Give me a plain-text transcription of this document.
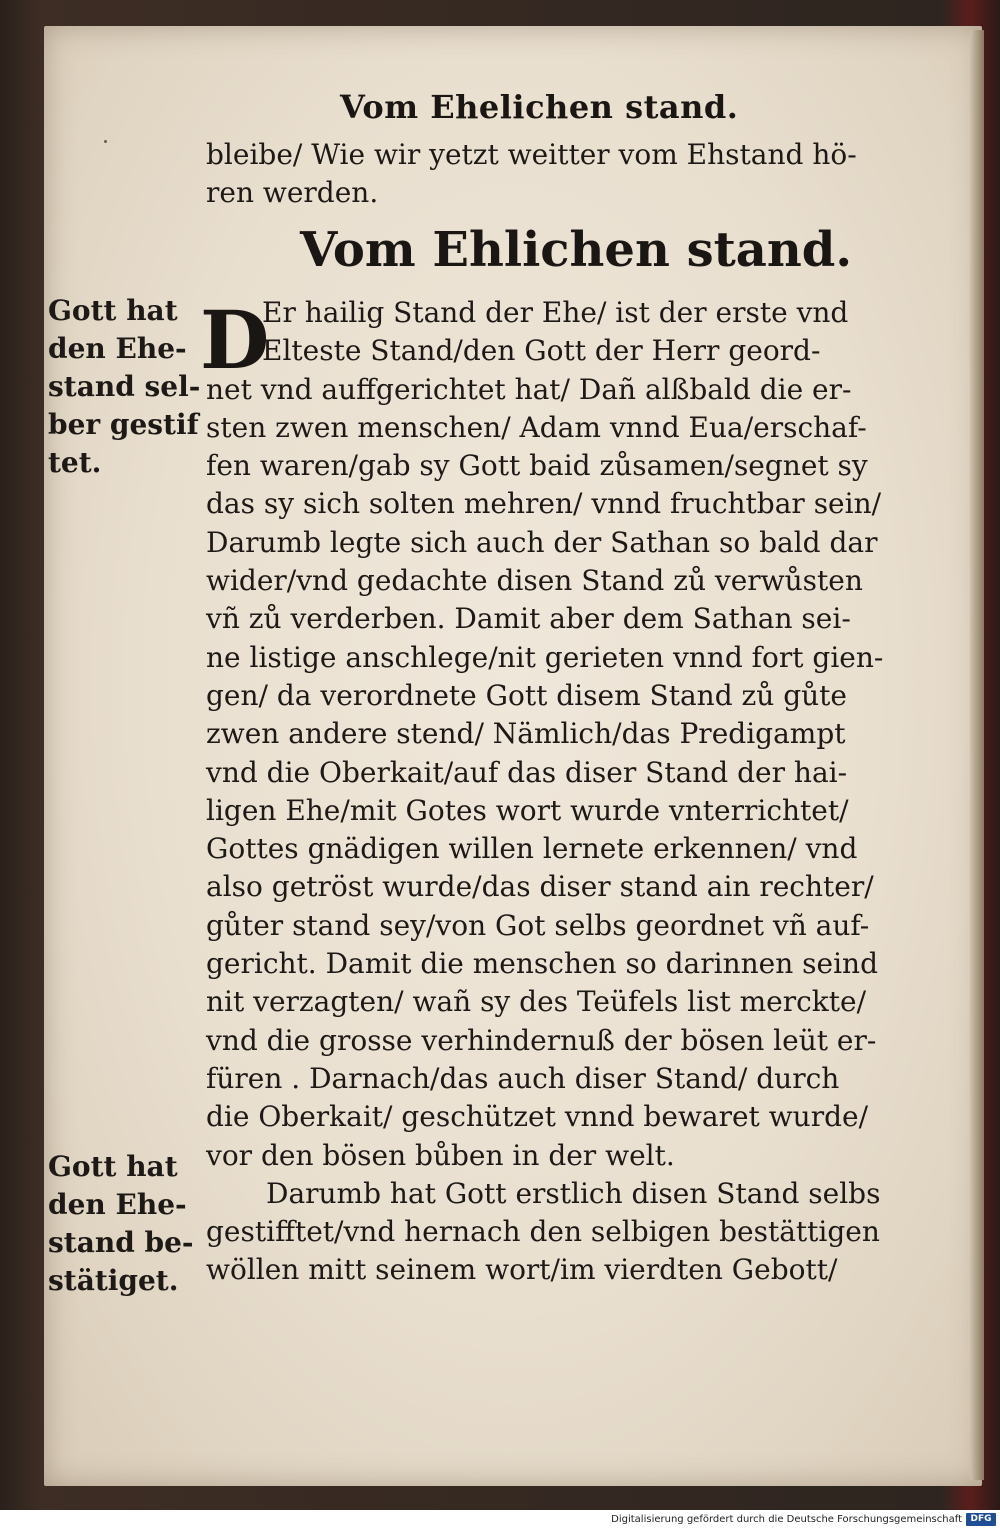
Vom Ehelichen stand.
bleibe/ Wie wir yetzt weitter vom Ehstand hö-
ren werden.
Vom Ehlichen stand.
D
Er hailig Stand der Ehe/ ist der erste vnd
Elteste Stand/den Gott der Herr geord-
net vnd auffgerichtet hat/ Dañ alßbald die er-
sten zwen menschen/ Adam vnnd Eua/erschaf-
fen waren/gab sy Gott baid zůsamen/segnet sy
das sy sich solten mehren/ vnnd fruchtbar sein/
Darumb legte sich auch der Sathan so bald dar
wider/vnd gedachte disen Stand zů verwůsten
vñ zů verderben. Damit aber dem Sathan sei-
ne listige anschlege/nit gerieten vnnd fort gien-
gen/ da verordnete Gott disem Stand zů gůte
zwen andere stend/ Nämlich/das Predigampt
vnd die Oberkait/auf das diser Stand der hai-
ligen Ehe/mit Gotes wort wurde vnterrichtet/
Gottes gnädigen willen lernete erkennen/ vnd
also getröst wurde/das diser stand ain rechter/
gůter stand sey/von Got selbs geordnet vñ auf-
gericht. Damit die menschen so darinnen seind
nit verzagten/ wañ sy des Teüfels list merckte/
vnd die grosse verhindernuß der bösen leüt er-
füren . Darnach/das auch diser Stand/ durch
die Oberkait/ geschützet vnnd bewaret wurde/
vor den bösen bůben in der welt.
Darumb hat Gott erstlich disen Stand selbs
gestifftet/vnd hernach den selbigen bestättigen
wöllen mitt seinem wort/im vierdten Gebott/
Gott hat
den Ehe-
stand sel-
ber gestif
tet.
Gott hat
den Ehe-
stand be-
stätiget.
Digitalisierung gefördert durch die Deutsche Forschungsgemeinschaft DFG
